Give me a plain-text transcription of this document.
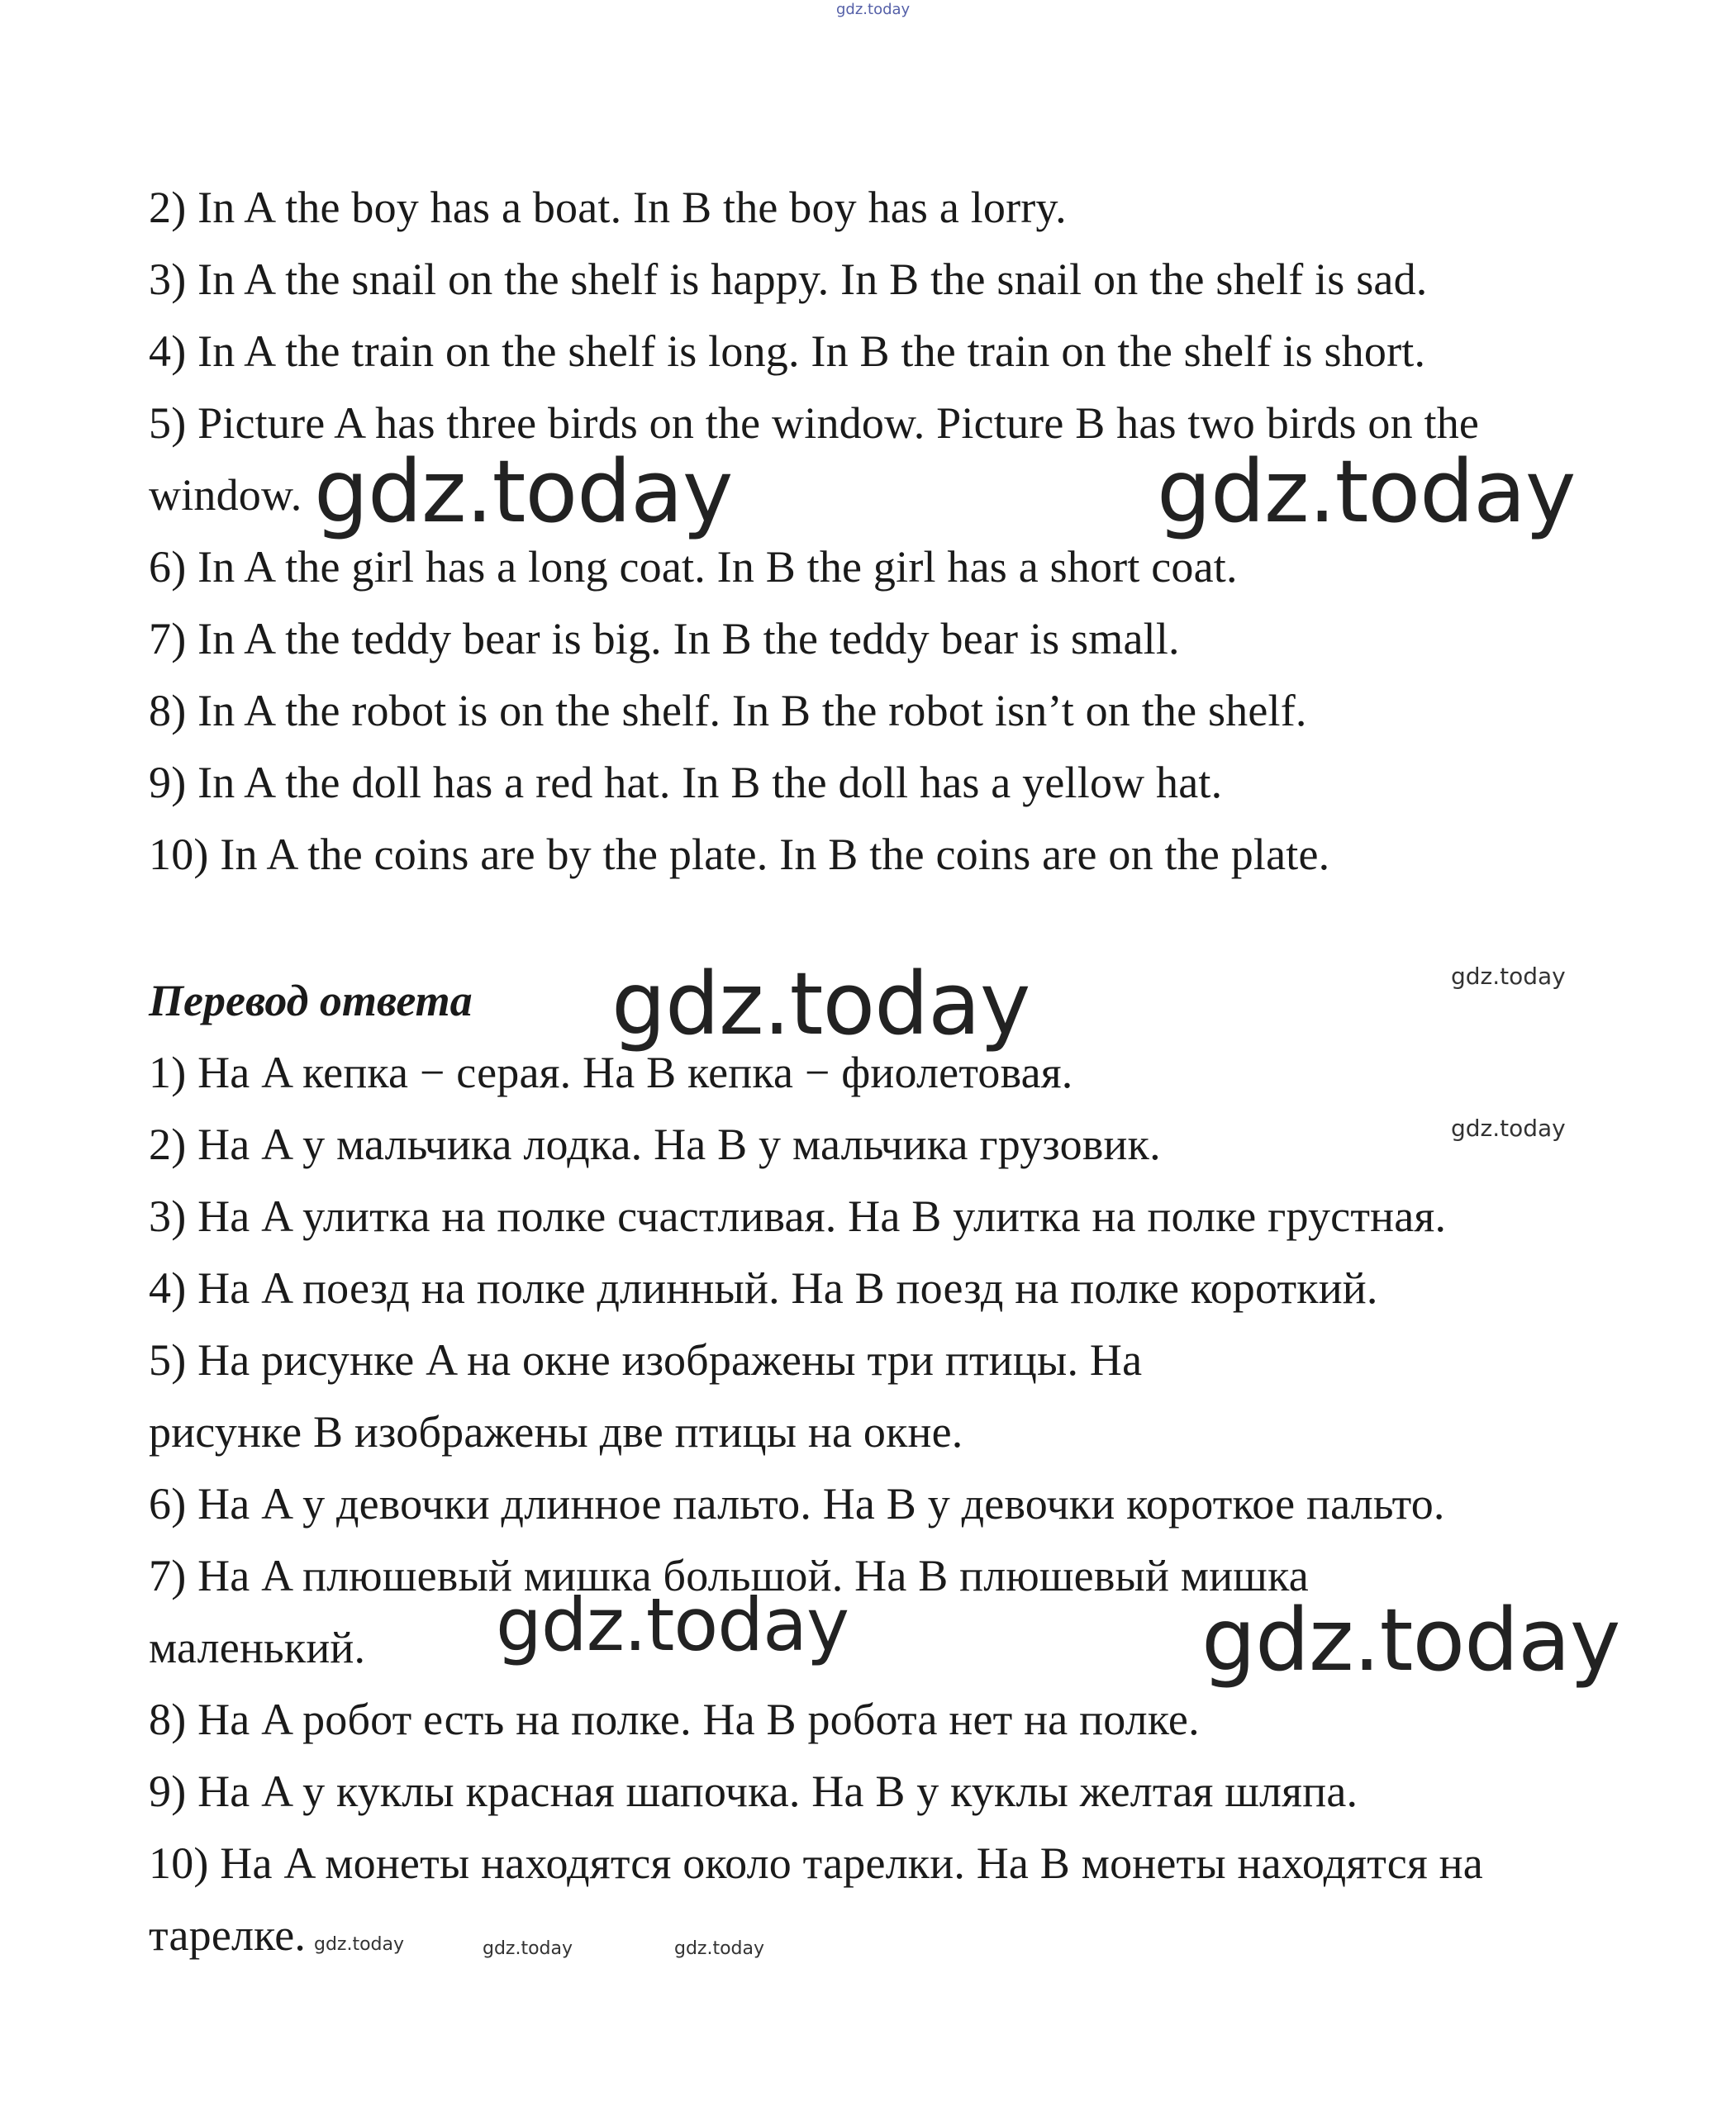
gdz.today
2) In A the boy has a boat. In B the boy has a lorry.
3) In A the snail on the shelf is happy. In B the snail on the shelf is sad.
4) In A the train on the shelf is long. In B the train on the shelf is short.
5) Picture A has three birds on the window. Picture B has two birds on the
window. gdz.today	gdz.today
6) In A the girl has a long coat. In B the girl has a short coat.
7) In A the teddy bear is big. In B the teddy bear is small.
8) In A the robot is on the shelf. In B the robot isn’t on the shelf.
9) In A the doll has a red hat. In B the doll has a yellow hat.
10) In A the coins are by the plate. In B the coins are on the plate.
Перевод ответа gdz.today	gdz.today
gdz.today
1) На A кепка − серая. На B кепка − фиолетовая.
2) На A у мальчика лодка. На B у мальчика грузовик.
3) На A улитка на полке счастливая. На B улитка на полке грустная.
4) На A поезд на полке длинный. На B поезд на полке короткий.
5) На рисунке A на окне изображены три птицы. На
рисунке B изображены две птицы на окне.
6) На A у девочки длинное пальто. На B у девочки короткое пальто.
7) На A плюшевый мишка большой. На B плюшевый мишка
маленький. gdz.today	gdz.today
8) На A робот есть на полке. На B робота нет на полке.
9) На A у куклы красная шапочка. На B у куклы желтая шляпа.
10) На A монеты находятся около тарелки. На B монеты находятся на
тарелке. gdz.today	gdz.today	gdz.today
